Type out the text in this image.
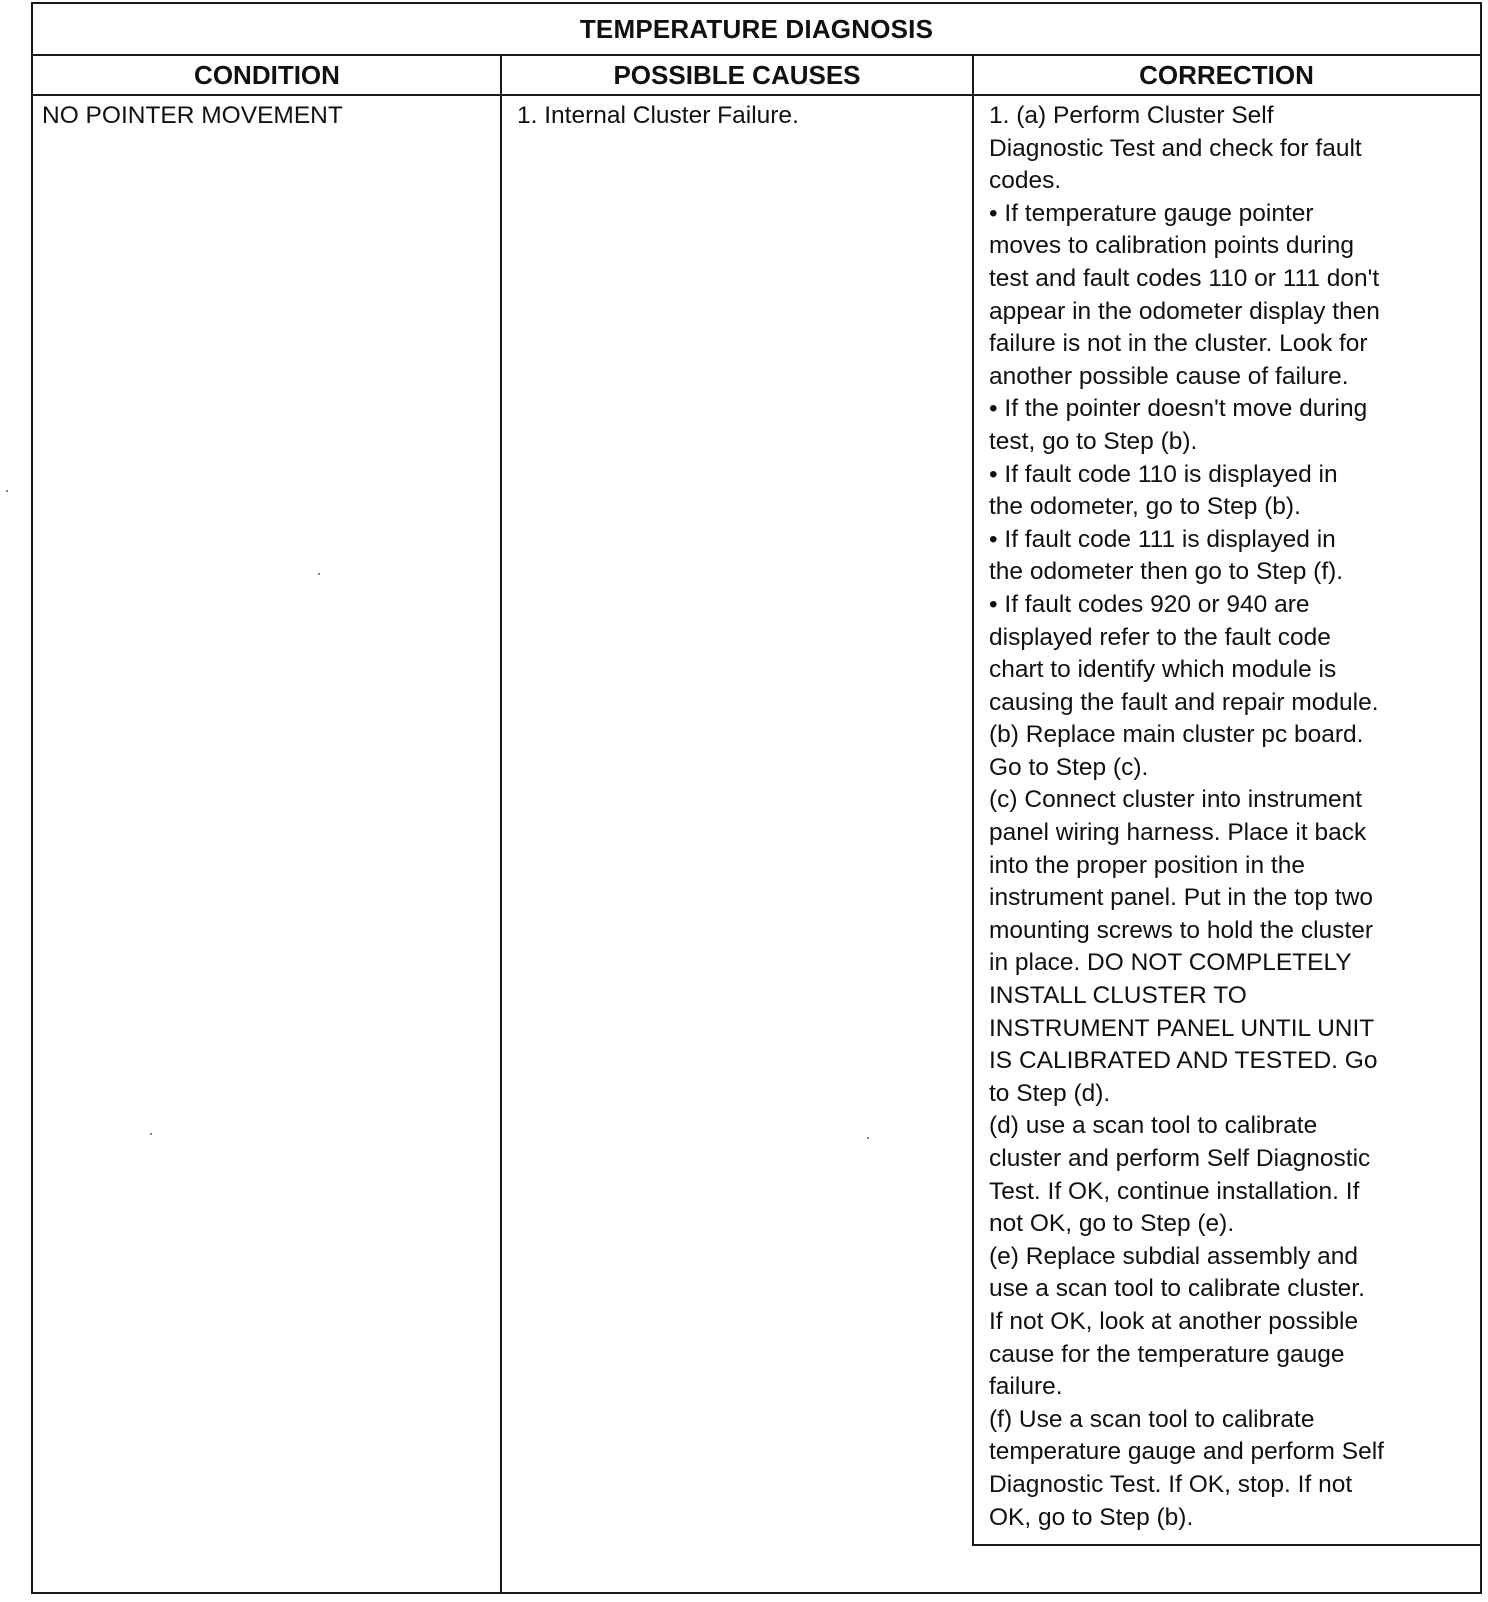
TEMPERATURE DIAGNOSIS
CONDITION	POSSIBLE CAUSES	CORRECTION
NO POINTER MOVEMENT	1. Internal Cluster Failure.	1. (a) Perform Cluster Self
Diagnostic Test and check for fault
codes.
• If temperature gauge pointer
moves to calibration points during
test and fault codes 110 or 111 don't
appear in the odometer display then
failure is not in the cluster. Look for
another possible cause of failure.
• If the pointer doesn't move during
test, go to Step (b).
• If fault code 110 is displayed in
the odometer, go to Step (b).
• If fault code 111 is displayed in
the odometer then go to Step (f).
• If fault codes 920 or 940 are
displayed refer to the fault code
chart to identify which module is
causing the fault and repair module.
(b) Replace main cluster pc board.
Go to Step (c).
(c) Connect cluster into instrument
panel wiring harness. Place it back
into the proper position in the
instrument panel. Put in the top two
mounting screws to hold the cluster
in place. DO NOT COMPLETELY
INSTALL CLUSTER TO
INSTRUMENT PANEL UNTIL UNIT
IS CALIBRATED AND TESTED. Go
to Step (d).
(d) use a scan tool to calibrate
cluster and perform Self Diagnostic
Test. If OK, continue installation. If
not OK, go to Step (e).
(e) Replace subdial assembly and
use a scan tool to calibrate cluster.
If not OK, look at another possible
cause for the temperature gauge
failure.
(f) Use a scan tool to calibrate
temperature gauge and perform Self
Diagnostic Test. If OK, stop. If not
OK, go to Step (b).
